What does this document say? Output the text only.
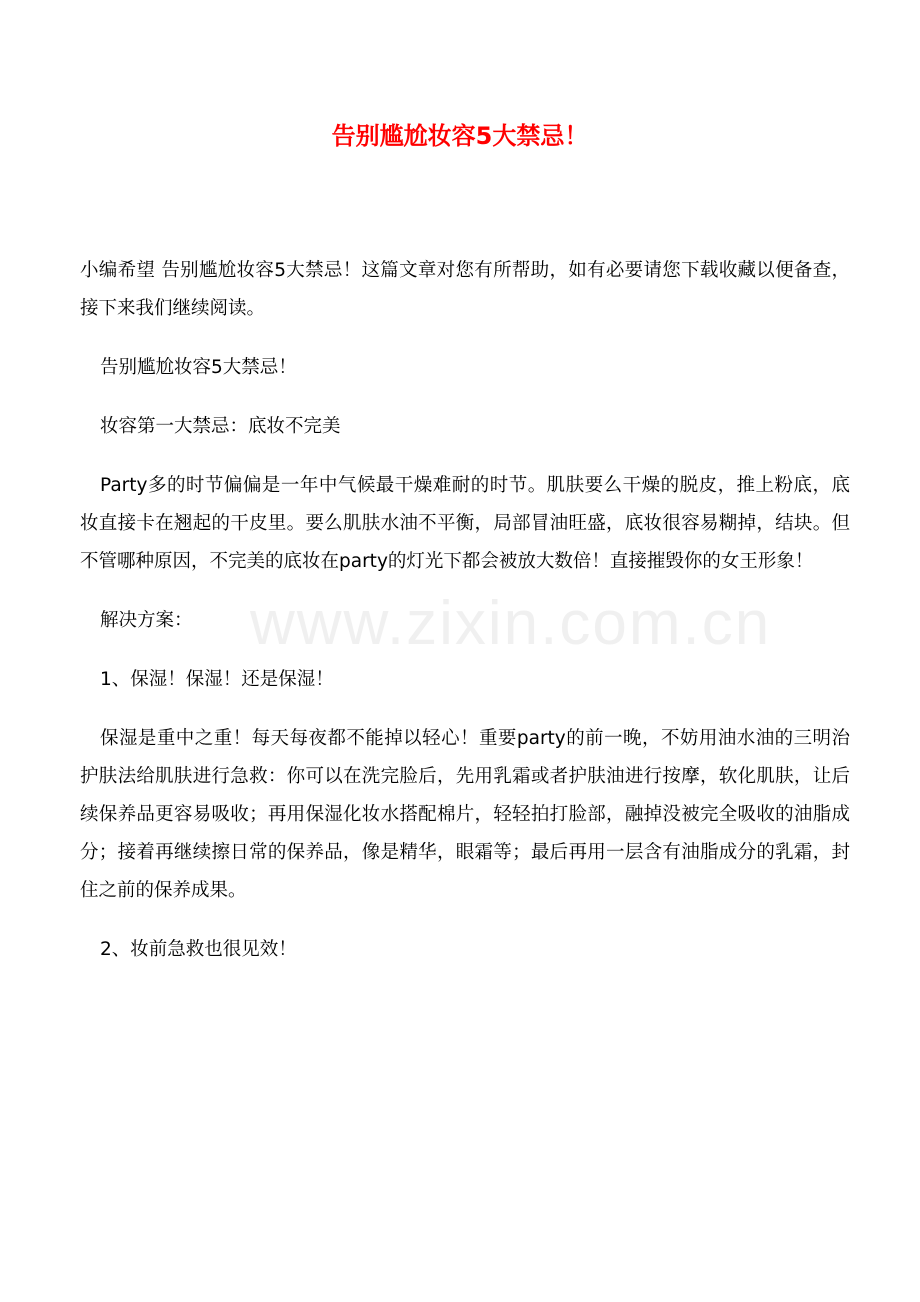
www.zixin.com.cn
告别尴尬妆容5大禁忌！

小编希望 告别尴尬妆容5大禁忌！这篇文章对您有所帮助，如有必要请您下载收藏以便备查，接下来我们继续阅读。

告别尴尬妆容5大禁忌！

妆容第一大禁忌：底妆不完美

Party多的时节偏偏是一年中气候最干燥难耐的时节。肌肤要么干燥的脱皮，推上粉底，底妆直接卡在翘起的干皮里。要么肌肤水油不平衡，局部冒油旺盛，底妆很容易糊掉，结块。但不管哪种原因，不完美的底妆在party的灯光下都会被放大数倍！直接摧毁你的女王形象！

解决方案：

1、保湿！保湿！还是保湿！

保湿是重中之重！每天每夜都不能掉以轻心！重要party的前一晚，不妨用油水油的三明治护肤法给肌肤进行急救：你可以在洗完脸后，先用乳霜或者护肤油进行按摩，软化肌肤，让后续保养品更容易吸收；再用保湿化妆水搭配棉片，轻轻拍打脸部，融掉没被完全吸收的油脂成分；接着再继续擦日常的保养品，像是精华，眼霜等；最后再用一层含有油脂成分的乳霜，封住之前的保养成果。

2、妆前急救也很见效！
